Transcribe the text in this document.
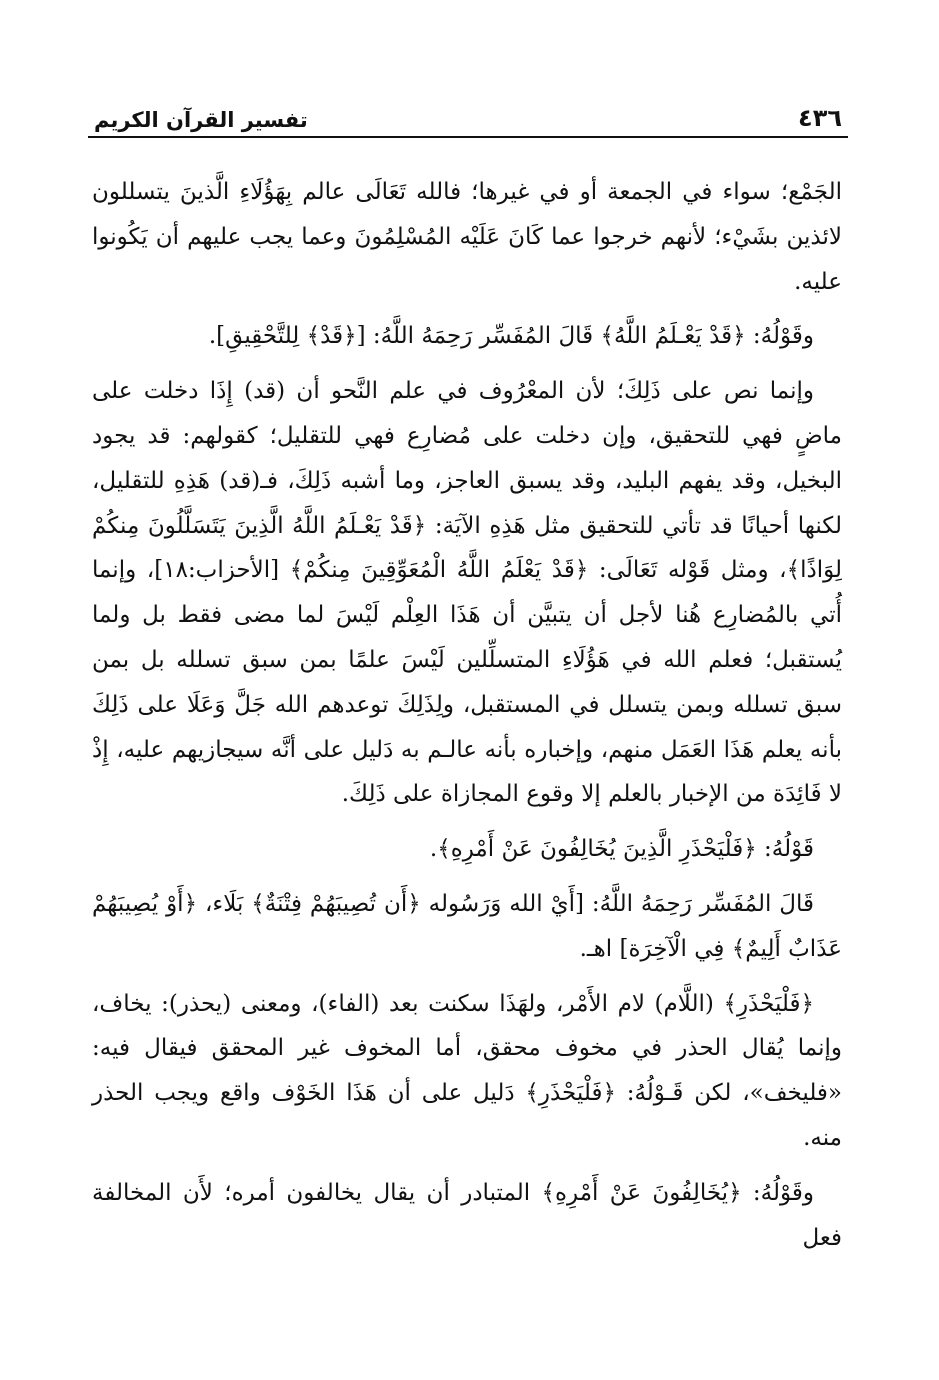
تفسير القرآن الكريم	٤٣٦

الجَمْع؛ سواء في الجمعة أو في غيرها؛ فالله تَعَالَى عالم بِهَؤُلَاءِ الَّذينَ يتسللون لائذين بشَيْء؛ لأنهم خرجوا عما كَانَ عَلَيْه المُسْلِمُونَ وعما يجب عليهم أن يَكُونوا عليه.

وقَوْلُهُ: ﴿قَدْ يَعْـلَمُ اللَّهُ﴾ قَالَ المُفَسِّر رَحِمَهُ اللَّهُ: [﴿قَدْ﴾ لِلتَّحْقِيقِ].

وإنما نص على ذَلِكَ؛ لأن المعْرُوف في علم النَّحو أن (قد) إِذَا دخلت على ماضٍ فهي للتحقيق، وإن دخلت على مُضارِع فهي للتقليل؛ كقولهم: قد يجود البخيل، وقد يفهم البليد، وقد يسبق العاجز، وما أشبه ذَلِكَ، فـ(قد) هَذِهِ للتقليل، لكنها أحيانًا قد تأتي للتحقيق مثل هَذِهِ الآيَة: ﴿قَدْ يَعْـلَمُ اللَّهُ الَّذِينَ يَتَسَلَّلُونَ مِنكُمْ لِوَاذًا﴾، ومثل قَوْله تَعَالَى: ﴿قَدْ يَعْلَمُ اللَّهُ الْمُعَوِّقِينَ مِنكُمْ﴾ [الأحزاب:١٨]، وإنما أُتي بالمُضارِع هُنا لأجل أن يتبيَّن أن هَذَا العِلْم لَيْسَ لما مضى فقط بل ولما يُستقبل؛ فعلم الله في هَؤُلَاءِ المتسلِّلين لَيْسَ علمًا بمن سبق تسلله بل بمن سبق تسلله وبمن يتسلل في المستقبل، ولِذَلِكَ توعدهم الله جَلَّ وَعَلَا على ذَلِكَ بأنه يعلم هَذَا العَمَل منهم، وإخباره بأنه عالـم به دَليل على أنَّه سيجازيهم عليه، إِذْ لا فَائِدَة من الإخبار بالعلم إلا وقوع المجازاة على ذَلِكَ.

قَوْلُهُ: ﴿فَلْيَحْذَرِ الَّذِينَ يُخَالِفُونَ عَنْ أَمْرِهِ﴾.

قَالَ المُفَسِّر رَحِمَهُ اللَّهُ: [أَيْ الله وَرَسُوله ﴿أَن تُصِيبَهُمْ فِتْنَةٌ﴾ بَلَاء، ﴿أَوْ يُصِيبَهُمْ عَذَابٌ أَلِيمٌ﴾ فِي الْآخِرَة] اهـ.

﴿فَلْيَحْذَرِ﴾ (اللَّام) لام الأَمْر، ولهَذَا سكنت بعد (الفاء)، ومعنى (يحذر): يخاف، وإنما يُقال الحذر في مخوف محقق، أما المخوف غير المحقق فيقال فيه: «فليخف»، لكن قَـوْلُهُ: ﴿فَلْيَحْذَرِ﴾ دَليل على أن هَذَا الخَوْف واقع ويجب الحذر منه.

وقَوْلُهُ: ﴿يُخَالِفُونَ عَنْ أَمْرِهِ﴾ المتبادر أن يقال يخالفون أمره؛ لأَن المخالفة فعل
